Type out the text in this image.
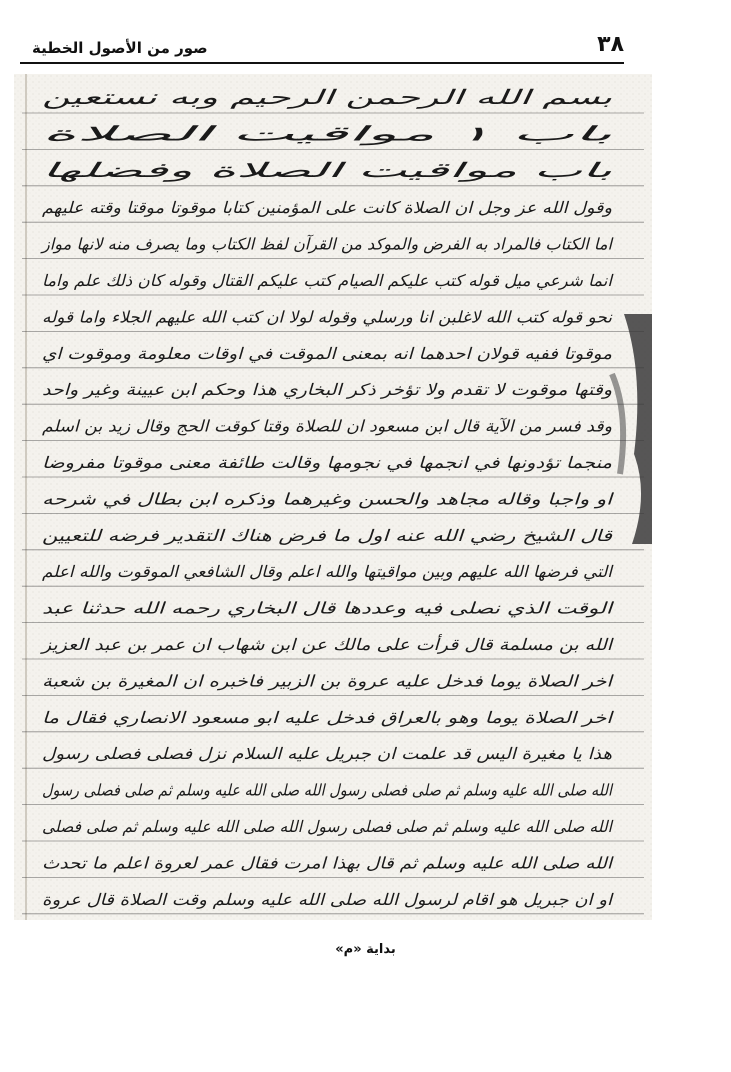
٣٨
صور من الأصول الخطية
بسم الله الرحمن الرحيم وبه نستعين
باب ١ مواقيت الصلاة
باب مواقيت الصلاة وفضلها
وقول الله عز وجل ان الصلاة كانت على المؤمنين كتابا موقوتا موقتا وقته عليهم
اما الكتاب فالمراد به الفرض والموكد من القرآن لفظ الكتاب وما يصرف منه لانها مواز
انما شرعي ميل قوله كتب عليكم الصيام كتب عليكم القتال وقوله كان ذلك علم واما
نحو قوله كتب الله لاغلبن انا ورسلي وقوله لولا ان كتب الله عليهم الجلاء واما قوله
موقوتا ففيه قولان احدهما انه بمعنى الموقت في اوقات معلومة وموقوت اي
وقتها موقوت لا تقدم ولا تؤخر ذكر البخاري هذا وحكم ابن عيينة وغير واحد
وقد فسر من الآية قال ابن مسعود ان للصلاة وقتا كوقت الحج وقال زيد بن اسلم
منجما تؤدونها في انجمها في نجومها وقالت طائفة معنى موقوتا مفروضا
او واجبا وقاله مجاهد والحسن وغيرهما وذكره ابن بطال في شرحه
قال الشيخ رضي الله عنه اول ما فرض هناك التقدير فرضه للتعيين
التي فرضها الله عليهم وبين مواقيتها والله اعلم وقال الشافعي الموقوت والله اعلم
الوقت الذي نصلى فيه وعددها قال البخاري رحمه الله حدثنا عبد
الله بن مسلمة قال قرأت على مالك عن ابن شهاب ان عمر بن عبد العزيز
اخر الصلاة يوما فدخل عليه عروة بن الزبير فاخبره ان المغيرة بن شعبة
اخر الصلاة يوما وهو بالعراق فدخل عليه ابو مسعود الانصاري فقال ما
هذا يا مغيرة اليس قد علمت ان جبريل عليه السلام نزل فصلى فصلى رسول
الله صلى الله عليه وسلم ثم صلى فصلى رسول الله صلى الله عليه وسلم ثم صلى فصلى رسول
الله صلى الله عليه وسلم ثم صلى فصلى رسول الله صلى الله عليه وسلم ثم صلى فصلى
الله صلى الله عليه وسلم ثم قال بهذا امرت فقال عمر لعروة اعلم ما تحدث
او ان جبريل هو اقام لرسول الله صلى الله عليه وسلم وقت الصلاة قال عروة
بداية «م»
